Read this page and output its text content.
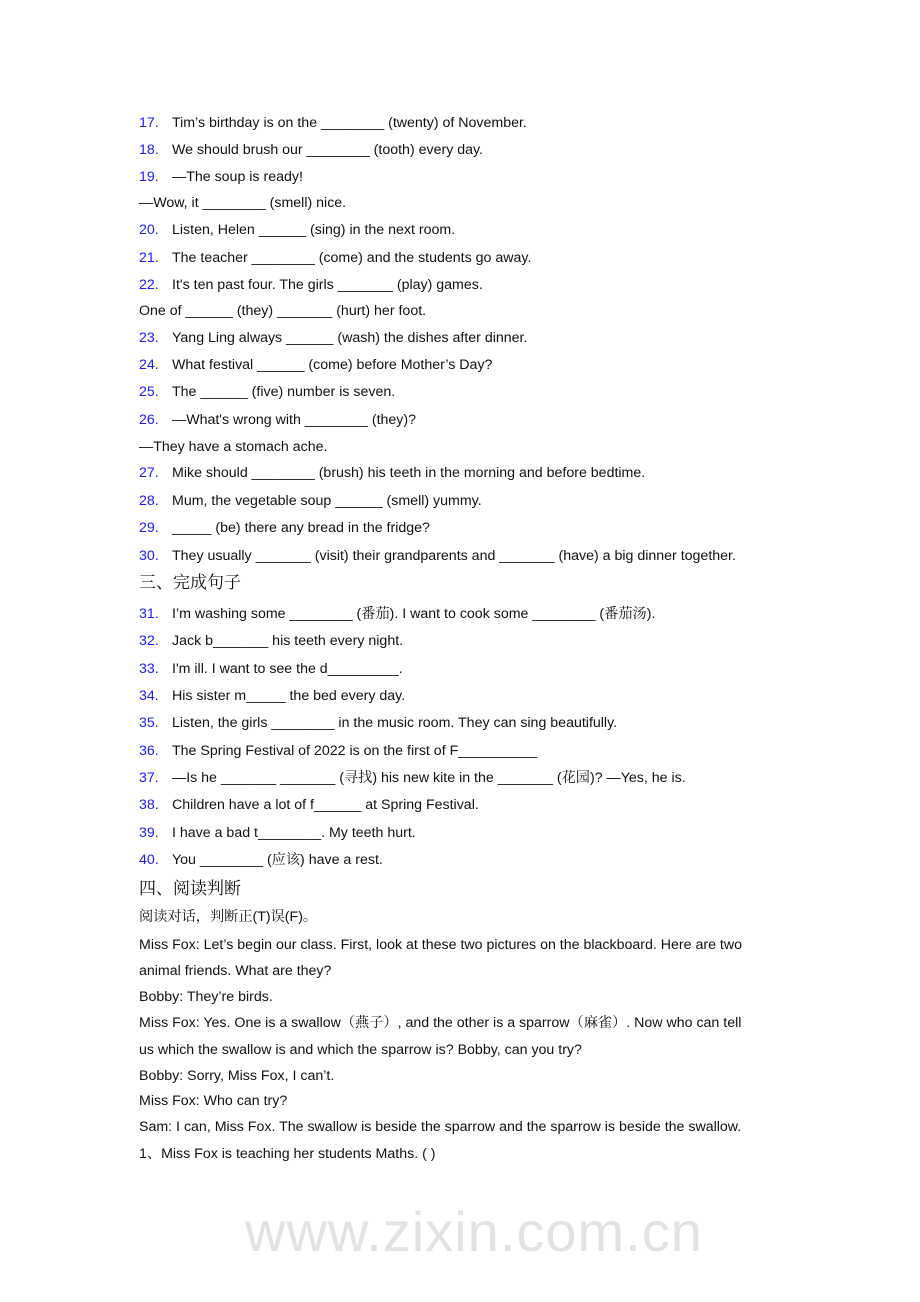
www.zixin.com.cn
17. Tim’s birthday is on the ________ (twenty) of November.
18. We should brush our ________ (tooth) every day.
19. —The soup is ready!
—Wow, it ________ (smell) nice.
20. Listen, Helen ______ (sing) in the next room.
21. The teacher ________ (come) and the students go away.
22. It's ten past four. The girls _______ (play) games.
One of ______ (they) _______ (hurt) her foot.
23. Yang Ling always ______ (wash) the dishes after dinner.
24. What festival ______ (come) before Mother’s Day?
25. The ______ (five) number is seven.
26. —What's wrong with ________ (they)?
—They have a stomach ache.
27. Mike should ________ (brush) his teeth in the morning and before bedtime.
28. Mum, the vegetable soup ______ (smell) yummy.
29. _____ (be) there any bread in the fridge?
30. They usually _______ (visit) their grandparents and _______ (have) a big dinner together.
三、完成句子
31. I’m washing some ________ (番茄). I want to cook some ________ (番茄汤).
32. Jack b_______ his teeth every night.
33. I'm ill. I want to see the d_________.
34. His sister m_____ the bed every day.
35. Listen, the girls ________ in the music room. They can sing beautifully.
36. The Spring Festival of 2022 is on the first of F__________
37. —Is he _______ _______ (寻找) his new kite in the _______ (花园)? —Yes, he is.
38. Children have a lot of f______ at Spring Festival.
39. I have a bad t________. My teeth hurt.
40. You ________ (应该) have a rest.
四、阅读判断
阅读对话，判断正(T)误(F)。
Miss Fox: Let’s begin our class. First, look at these two pictures on the blackboard. Here are two
animal friends. What are they?
Bobby: They’re birds.
Miss Fox: Yes. One is a swallow（燕子）, and the other is a sparrow（麻雀）. Now who can tell
us which the swallow is and which the sparrow is? Bobby, can you try?
Bobby: Sorry, Miss Fox, I can’t.
Miss Fox: Who can try?
Sam: I can, Miss Fox. The swallow is beside the sparrow and the sparrow is beside the swallow.
1、Miss Fox is teaching her students Maths. ( )
